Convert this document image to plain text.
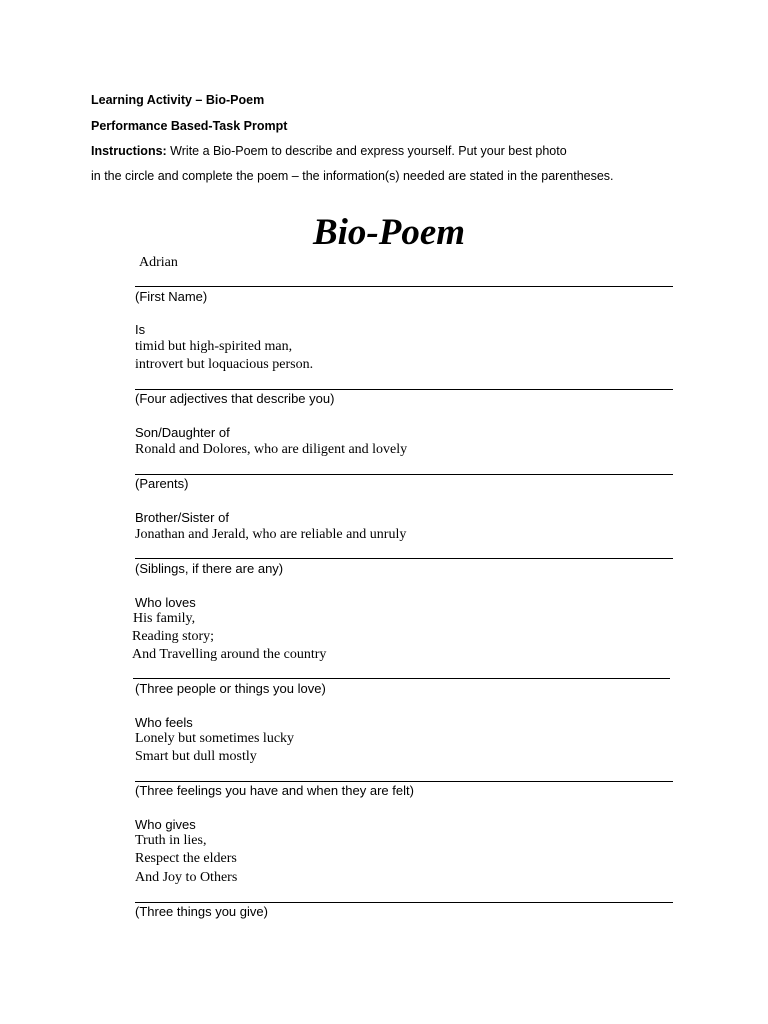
Learning Activity – Bio-Poem
Performance Based-Task Prompt
Instructions: Write a Bio-Poem to describe and express yourself. Put your best photo
in the circle and complete the poem – the information(s) needed are stated in the parentheses.
Bio-Poem
Adrian
(First Name)
Is
timid but high-spirited man,
introvert but loquacious person.
(Four adjectives that describe you)
Son/Daughter of
Ronald and Dolores, who are diligent and lovely
(Parents)
Brother/Sister of
Jonathan and Jerald, who are reliable and unruly
(Siblings, if there are any)
Who loves
His family,
Reading story;
And Travelling around the country
(Three people or things you love)
Who feels
Lonely but sometimes lucky
Smart but dull mostly
(Three feelings you have and when they are felt)
Who gives
Truth in lies,
Respect the elders
And Joy to Others
(Three things you give)
